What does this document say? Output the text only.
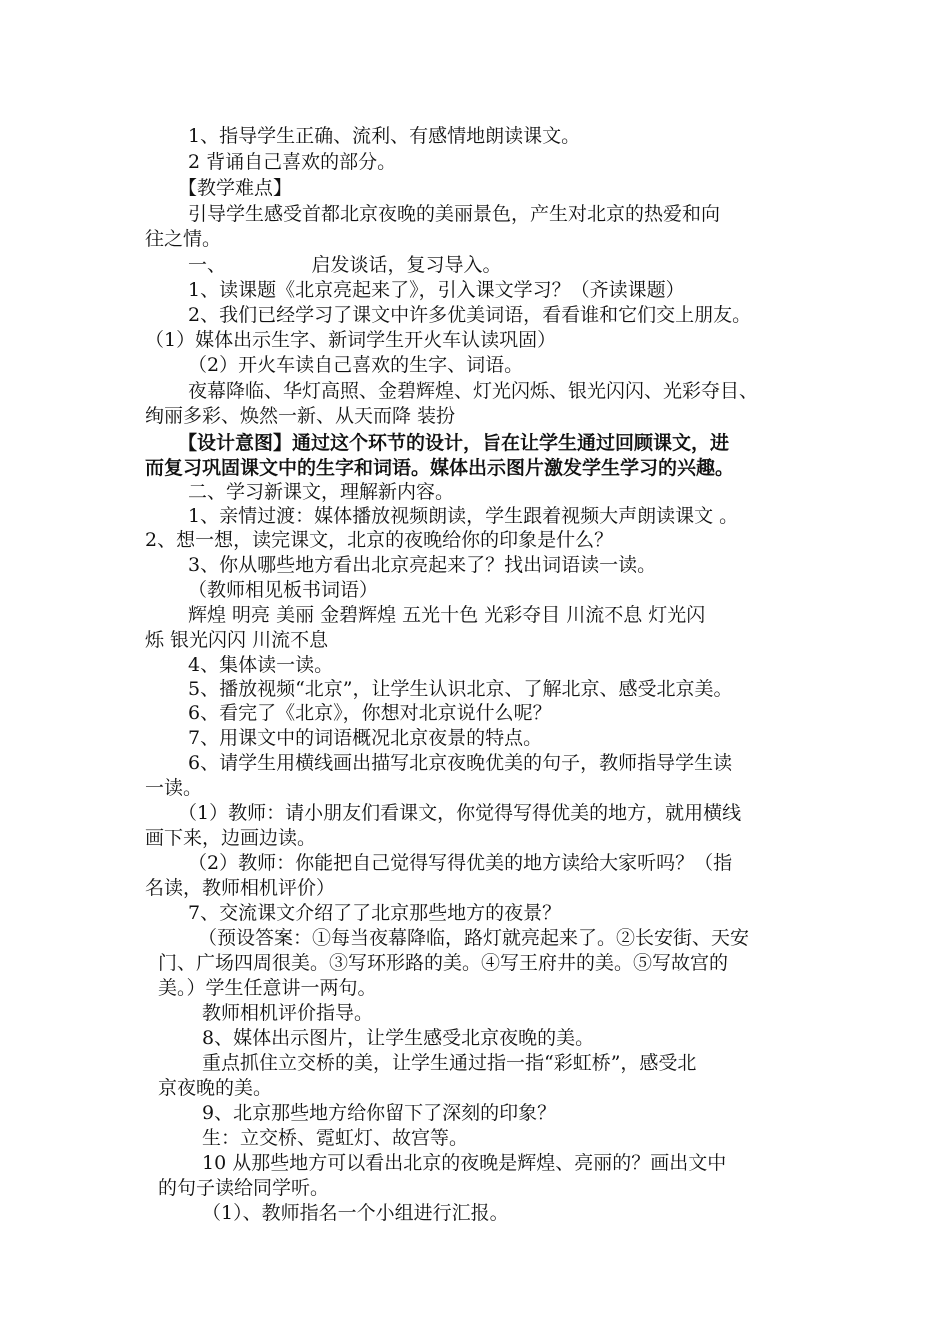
1、指导学生正确、流利、有感情地朗读课文。
2 背诵自己喜欢的部分。
【教学难点】
引导学生感受首都北京夜晚的美丽景色，产生对北京的热爱和向
往之情。
一、　　　　　启发谈话，复习导入。
1、读课题《北京亮起来了》，引入课文学习？（齐读课题）
2、我们已经学习了课文中许多优美词语，看看谁和它们交上朋友。
（1）媒体出示生字、新词学生开火车认读巩固）
（2）开火车读自己喜欢的生字、词语。
夜幕降临、华灯高照、金碧辉煌、灯光闪烁、银光闪闪、光彩夺目、
绚丽多彩、焕然一新、从天而降 装扮
【设计意图】通过这个环节的设计，旨在让学生通过回顾课文，进
而复习巩固课文中的生字和词语。媒体出示图片激发学生学习的兴趣。
二、学习新课文，理解新内容。
1、亲情过渡：媒体播放视频朗读，学生跟着视频大声朗读课文 。
2、想一想，读完课文，北京的夜晚给你的印象是什么？
3、你从哪些地方看出北京亮起来了？找出词语读一读。
（教师相见板书词语）
辉煌 明亮 美丽 金碧辉煌 五光十色 光彩夺目 川流不息 灯光闪
烁 银光闪闪 川流不息
4、集体读一读。
5、播放视频“北京”，让学生认识北京、了解北京、感受北京美。
6、看完了《北京》，你想对北京说什么呢？
7、用课文中的词语概况北京夜景的特点。
6、请学生用横线画出描写北京夜晚优美的句子，教师指导学生读
一读。
（1）教师：请小朋友们看课文，你觉得写得优美的地方，就用横线
画下来，边画边读。
（2）教师：你能把自己觉得写得优美的地方读给大家听吗？（指
名读，教师相机评价）
7、交流课文介绍了了北京那些地方的夜景？
（预设答案：①每当夜幕降临，路灯就亮起来了。②长安街、天安
门、广场四周很美。③写环形路的美。④写王府井的美。⑤写故宫的
美。）学生任意讲一两句。
教师相机评价指导。
8、媒体出示图片，让学生感受北京夜晚的美。
重点抓住立交桥的美，让学生通过指一指“彩虹桥”，感受北
京夜晚的美。
9、北京那些地方给你留下了深刻的印象？
生：立交桥、霓虹灯、故宫等。
10 从那些地方可以看出北京的夜晚是辉煌、亮丽的？画出文中
的句子读给同学听。
（1）、教师指名一个小组进行汇报。
